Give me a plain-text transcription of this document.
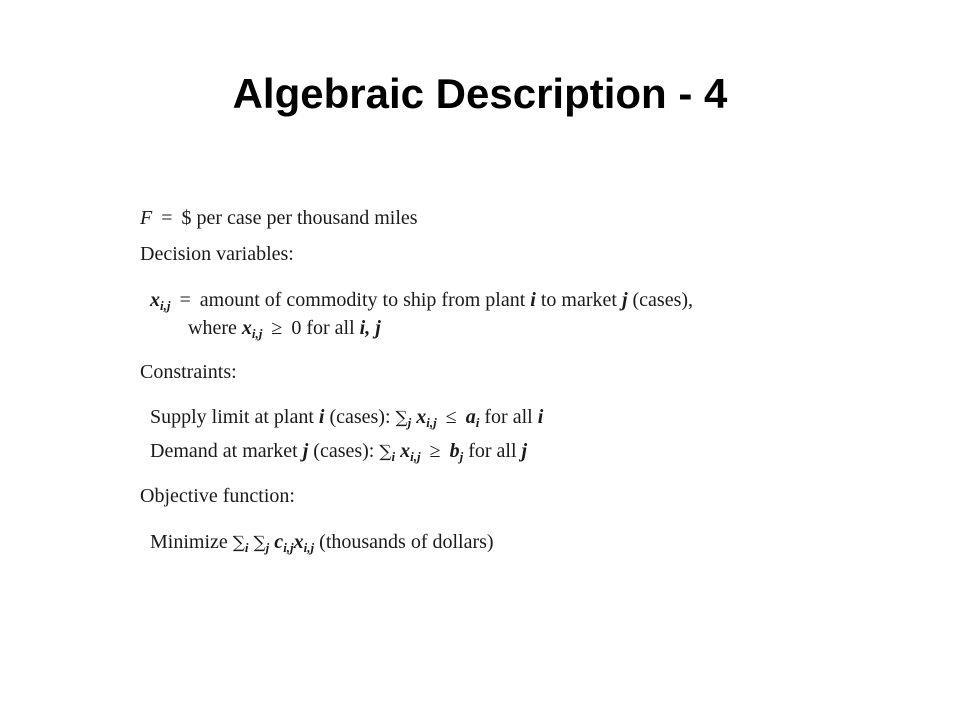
Algebraic Description - 4
F = $ per case per thousand miles
Decision variables:
$x_{i,j}$ = amount of commodity to ship from plant i to market j (cases),
where $x_{i,j} \ge 0$ for all i, j
Constraints:
Supply limit at plant i (cases): $\sum_j$ $x_{i,j} \le a_i$ for all i
Demand at market j (cases): $\sum_i$ $x_{i,j} \ge b_j$ for all j
Objective function:
Minimize $\sum_i$ $\sum_j$ $c_{i,j}x_{i,j}$ (thousands of dollars)
